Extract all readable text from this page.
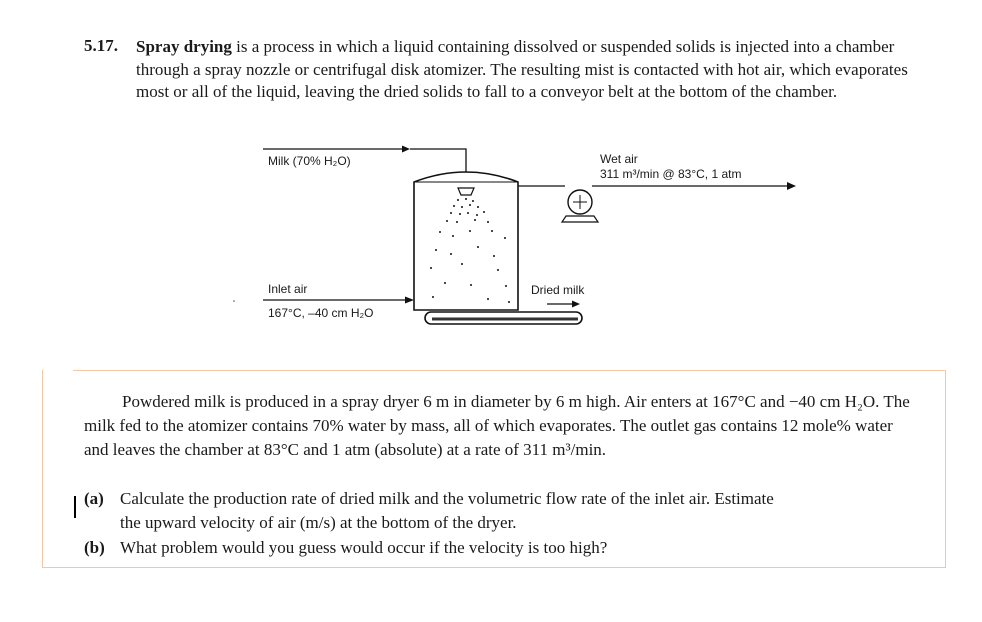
5.17. Spray drying is a process in which a liquid containing dissolved or suspended solids is injected into a chamber through a spray nozzle or centrifugal disk atomizer. The resulting mist is contacted with hot air, which evaporates most or all of the liquid, leaving the dried solids to fall to a conveyor belt at the bottom of the chamber.
Milk (70% H₂O)	Wet air
311 m³/min @ 83°C, 1 atm
Inlet air
167°C, –40 cm H₂O
Dried milk

Powdered milk is produced in a spray dryer 6 m in diameter by 6 m high. Air enters at 167°C and −40 cm H₂O. The milk fed to the atomizer contains 70% water by mass, all of which evaporates. The outlet gas contains 12 mole% water and leaves the chamber at 83°C and 1 atm (absolute) at a rate of 311 m³/min.

(a) Calculate the production rate of dried milk and the volumetric flow rate of the inlet air. Estimate
the upward velocity of air (m/s) at the bottom of the dryer.
(b) What problem would you guess would occur if the velocity is too high?
